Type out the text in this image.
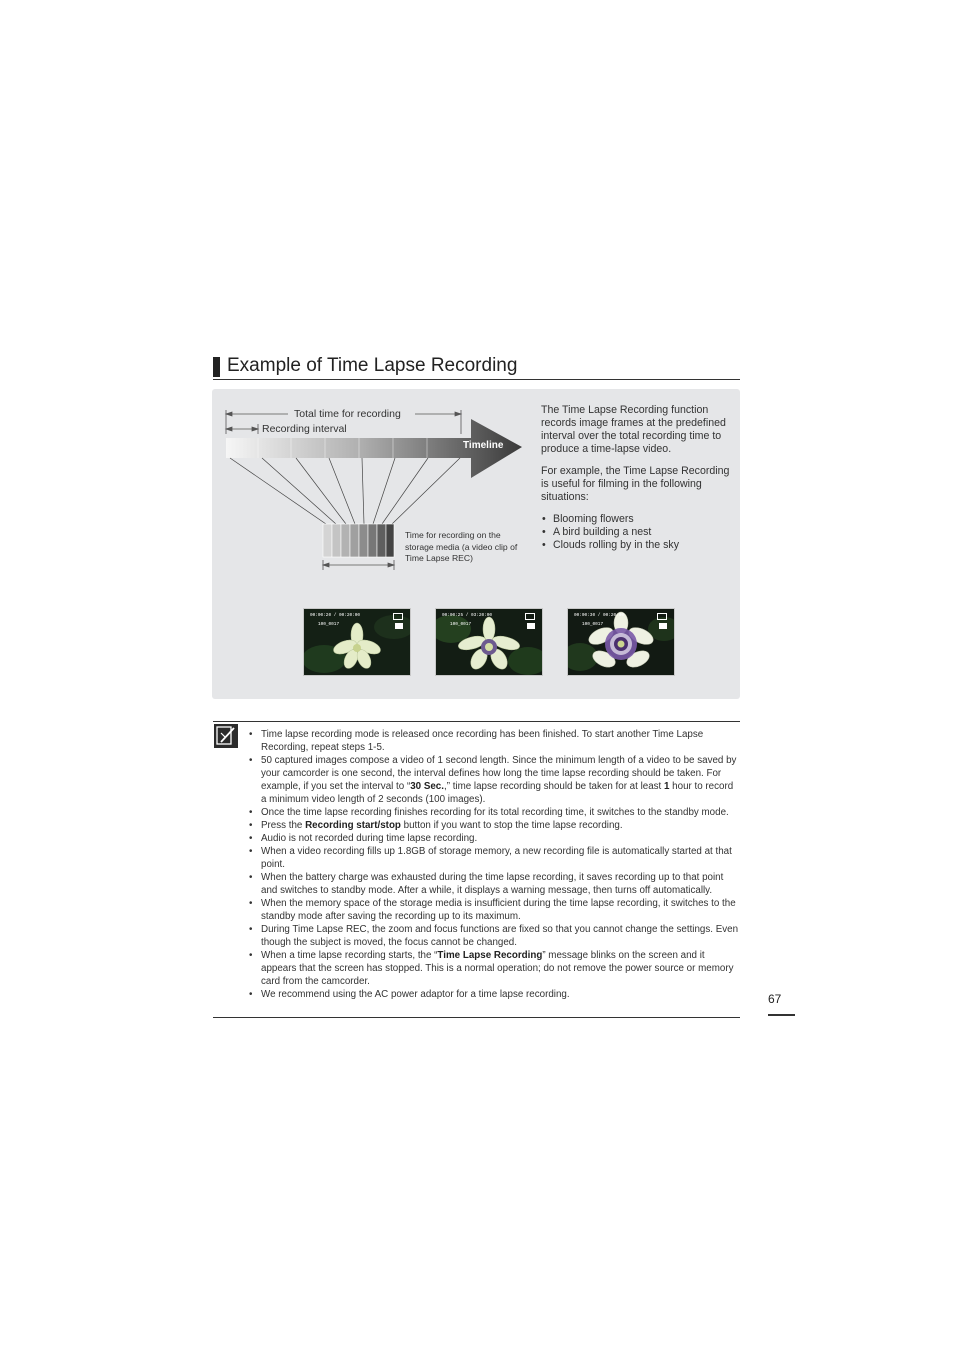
Example of Time Lapse Recording
Total time for recording
Recording interval
Timeline
Time for recording on the storage media (a video clip of Time Lapse REC)

The Time Lapse Recording function records image frames at the predefined interval over the total recording time to produce a time-lapse video.

For example, the Time Lapse Recording is useful for filming in the following situations:

• Blooming flowers
• A bird building a nest
• Clouds rolling by in the sky
00:00:20 / 00:20:00
100_0017
00:00:25 / 03:20:00
100_0017
00:00:30 / 00:20:00
100_0017
• Time lapse recording mode is released once recording has been finished. To start another Time Lapse Recording, repeat steps 1-5.
• 50 captured images compose a video of 1 second length. Since the minimum length of a video to be saved by your camcorder is one second, the interval defines how long the time lapse recording should be taken. For example, if you set the interval to “30 Sec.,” time lapse recording should be taken for at least 1 hour to record a minimum video length of 2 seconds (100 images).
• Once the time lapse recording finishes recording for its total recording time, it switches to the standby mode.
• Press the Recording start/stop button if you want to stop the time lapse recording.
• Audio is not recorded during time lapse recording.
• When a video recording fills up 1.8GB of storage memory, a new recording file is automatically started at that point.
• When the battery charge was exhausted during the time lapse recording, it saves recording up to that point and switches to standby mode. After a while, it displays a warning message, then turns off automatically.
• When the memory space of the storage media is insufficient during the time lapse recording, it switches to the standby mode after saving the recording up to its maximum.
• During Time Lapse REC, the zoom and focus functions are fixed so that you cannot change the settings. Even though the subject is moved, the focus cannot be changed.
• When a time lapse recording starts, the “Time Lapse Recording” message blinks on the screen and it appears that the screen has stopped. This is a normal operation; do not remove the power source or memory card from the camcorder.
• We recommend using the AC power adaptor for a time lapse recording.	67
